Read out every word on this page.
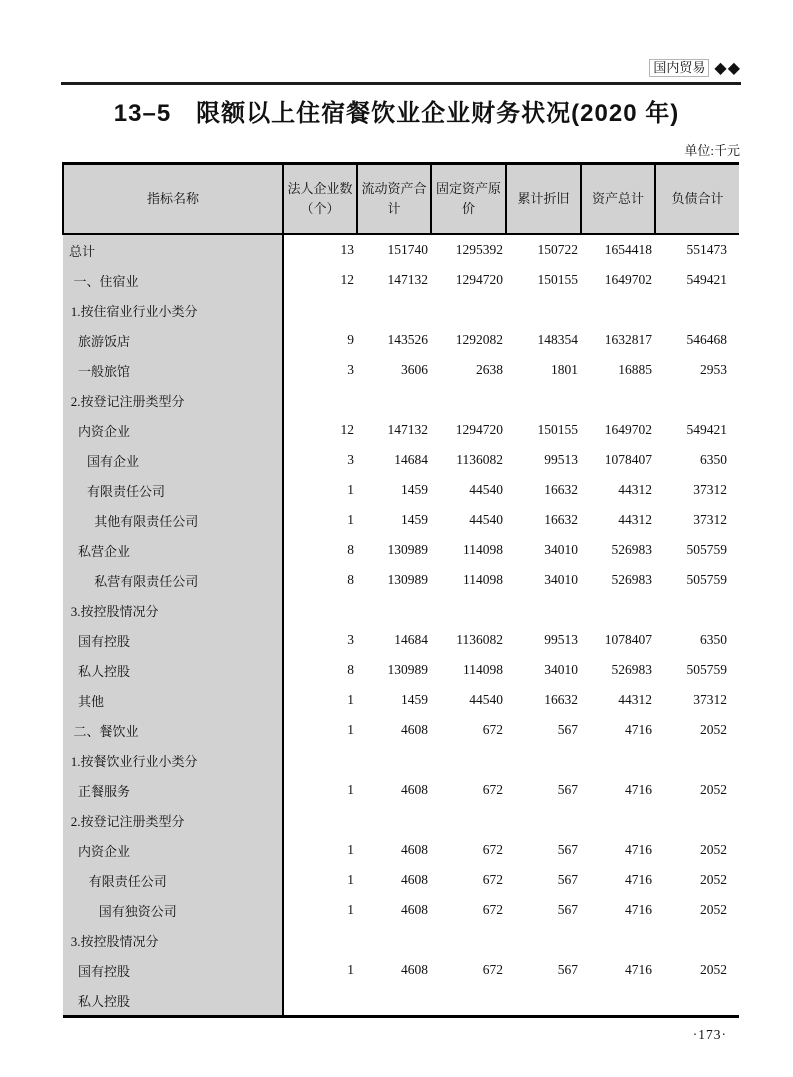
国内贸易 ◆◆
13–5　限额以上住宿餐饮业企业财务状况(2020 年)
单位:千元
指标名称	法人企业数（个）	流动资产合计	固定资产原价	累计折旧	资产总计	负债合计
总计	13	151740	1295392	150722	1654418	551473
一、住宿业	12	147132	1294720	150155	1649702	549421
1.按住宿业行业小类分						
旅游饭店	9	143526	1292082	148354	1632817	546468
一般旅馆	3	3606	2638	1801	16885	2953
2.按登记注册类型分						
内资企业	12	147132	1294720	150155	1649702	549421
国有企业	3	14684	1136082	99513	1078407	6350
有限责任公司	1	1459	44540	16632	44312	37312
其他有限责任公司	1	1459	44540	16632	44312	37312
私营企业	8	130989	114098	34010	526983	505759
私营有限责任公司	8	130989	114098	34010	526983	505759
3.按控股情况分						
国有控股	3	14684	1136082	99513	1078407	6350
私人控股	8	130989	114098	34010	526983	505759
其他	1	1459	44540	16632	44312	37312
二、餐饮业	1	4608	672	567	4716	2052
1.按餐饮业行业小类分						
正餐服务	1	4608	672	567	4716	2052
2.按登记注册类型分						
内资企业	1	4608	672	567	4716	2052
有限责任公司	1	4608	672	567	4716	2052
国有独资公司	1	4608	672	567	4716	2052
3.按控股情况分						
国有控股	1	4608	672	567	4716	2052
私人控股						
·173·
